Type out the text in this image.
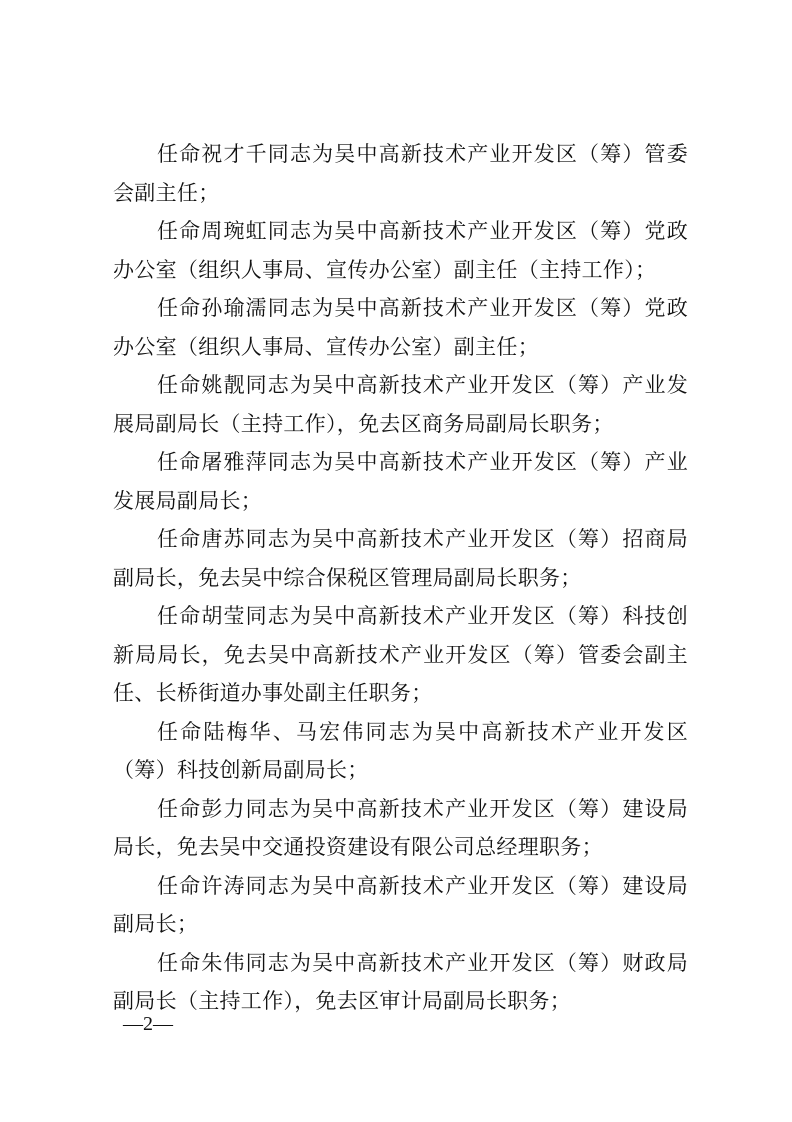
任命祝才千同志为吴中高新技术产业开发区（筹）管委会副主任；

任命周琬虹同志为吴中高新技术产业开发区（筹）党政办公室（组织人事局、宣传办公室）副主任（主持工作）；

任命孙瑜濡同志为吴中高新技术产业开发区（筹）党政办公室（组织人事局、宣传办公室）副主任；

任命姚靓同志为吴中高新技术产业开发区（筹）产业发展局副局长（主持工作），免去区商务局副局长职务；

任命屠雅萍同志为吴中高新技术产业开发区（筹）产业发展局副局长；

任命唐苏同志为吴中高新技术产业开发区（筹）招商局副局长，免去吴中综合保税区管理局副局长职务；

任命胡莹同志为吴中高新技术产业开发区（筹）科技创新局局长，免去吴中高新技术产业开发区（筹）管委会副主任、长桥街道办事处副主任职务；

任命陆梅华、马宏伟同志为吴中高新技术产业开发区（筹）科技创新局副局长；

任命彭力同志为吴中高新技术产业开发区（筹）建设局局长，免去吴中交通投资建设有限公司总经理职务；

任命许涛同志为吴中高新技术产业开发区（筹）建设局副局长；

任命朱伟同志为吴中高新技术产业开发区（筹）财政局副局长（主持工作），免去区审计局副局长职务；

—2—
